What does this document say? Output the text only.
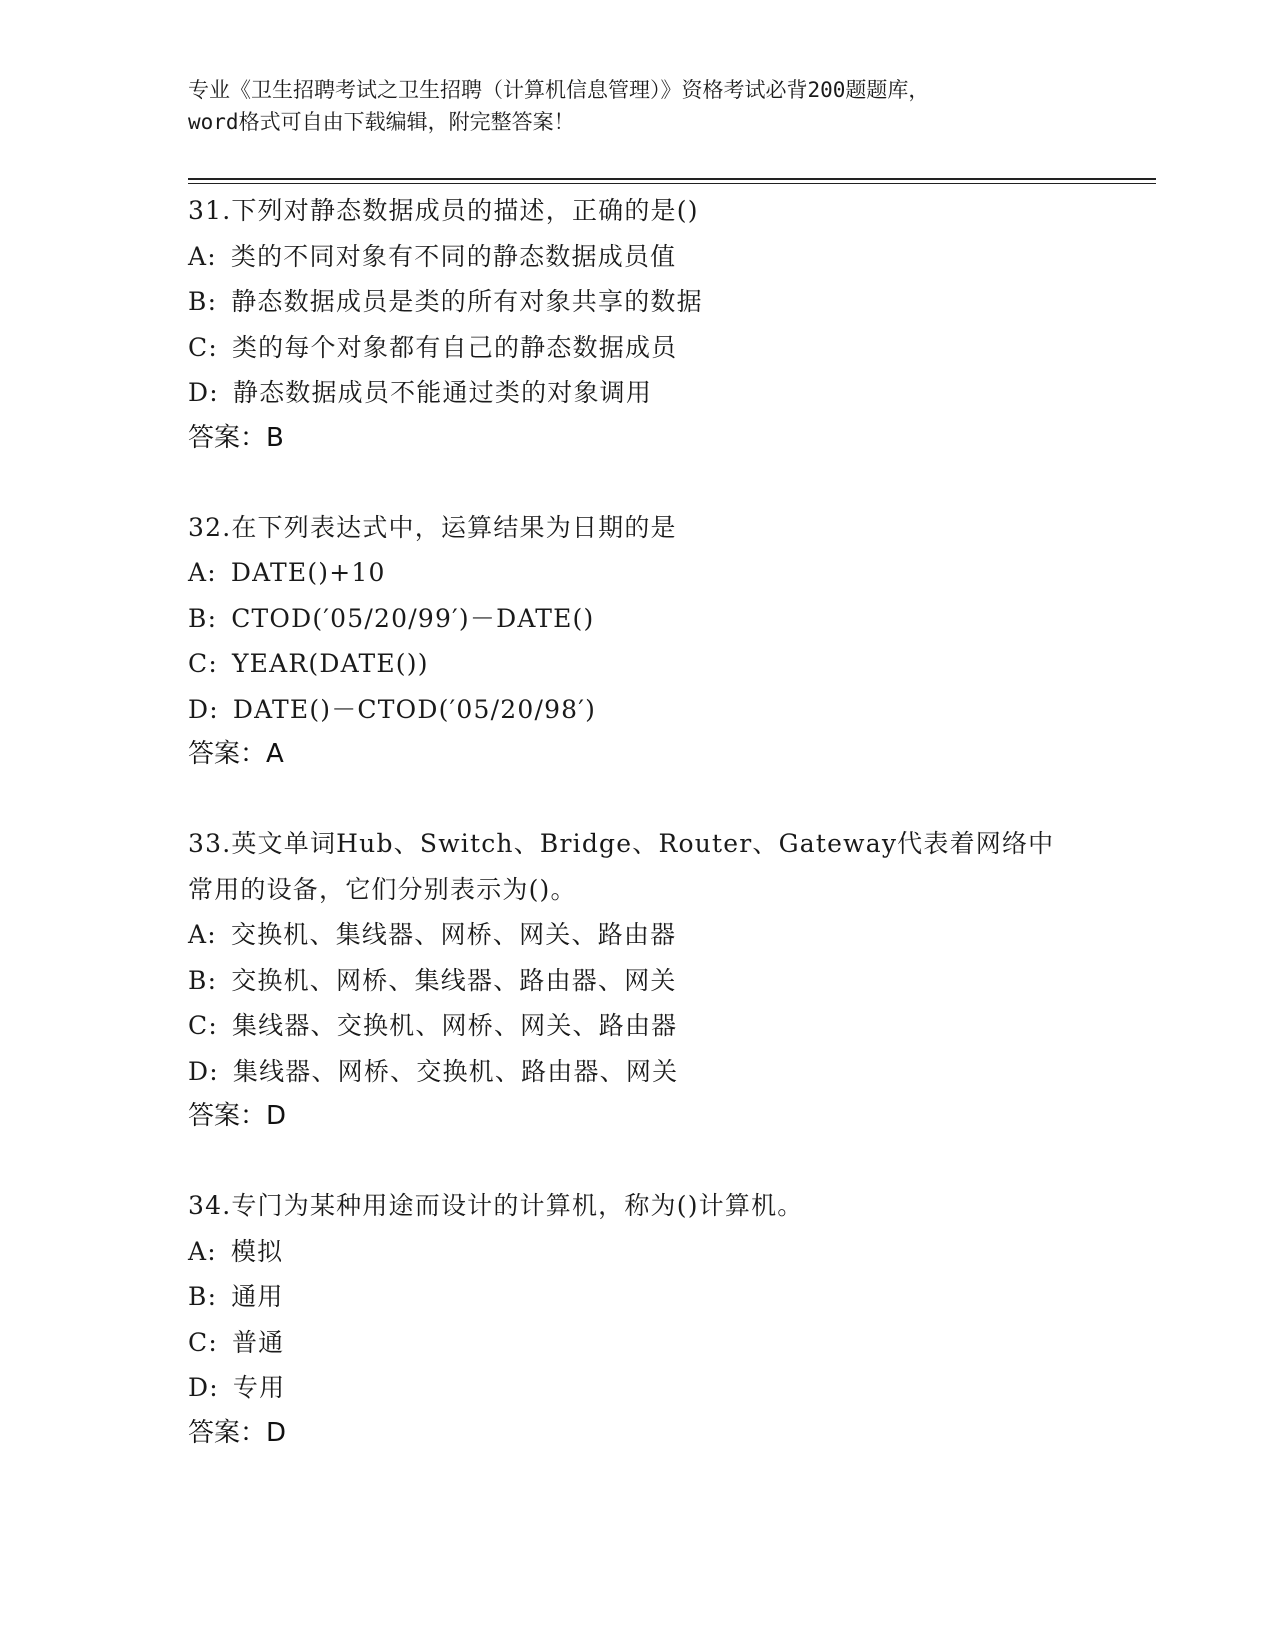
专业《卫生招聘考试之卫生招聘（计算机信息管理）》资格考试必背200题题库，
word格式可自由下载编辑，附完整答案！
31.下列对静态数据成员的描述，正确的是()
A: 类的不同对象有不同的静态数据成员值
B: 静态数据成员是类的所有对象共享的数据
C: 类的每个对象都有自己的静态数据成员
D: 静态数据成员不能通过类的对象调用
答案：B
32.在下列表达式中，运算结果为日期的是
A: DATE()+10
B: CTOD(′05/20/99′)－DATE()
C: YEAR(DATE())
D: DATE()－CTOD(′05/20/98′)
答案：A
33.英文单词Hub、Switch、Bridge、Router、Gateway代表着网络中
常用的设备，它们分别表示为()。
A: 交换机、集线器、网桥、网关、路由器
B: 交换机、网桥、集线器、路由器、网关
C: 集线器、交换机、网桥、网关、路由器
D: 集线器、网桥、交换机、路由器、网关
答案：D
34.专门为某种用途而设计的计算机，称为()计算机。
A: 模拟
B: 通用
C: 普通
D: 专用
答案：D
